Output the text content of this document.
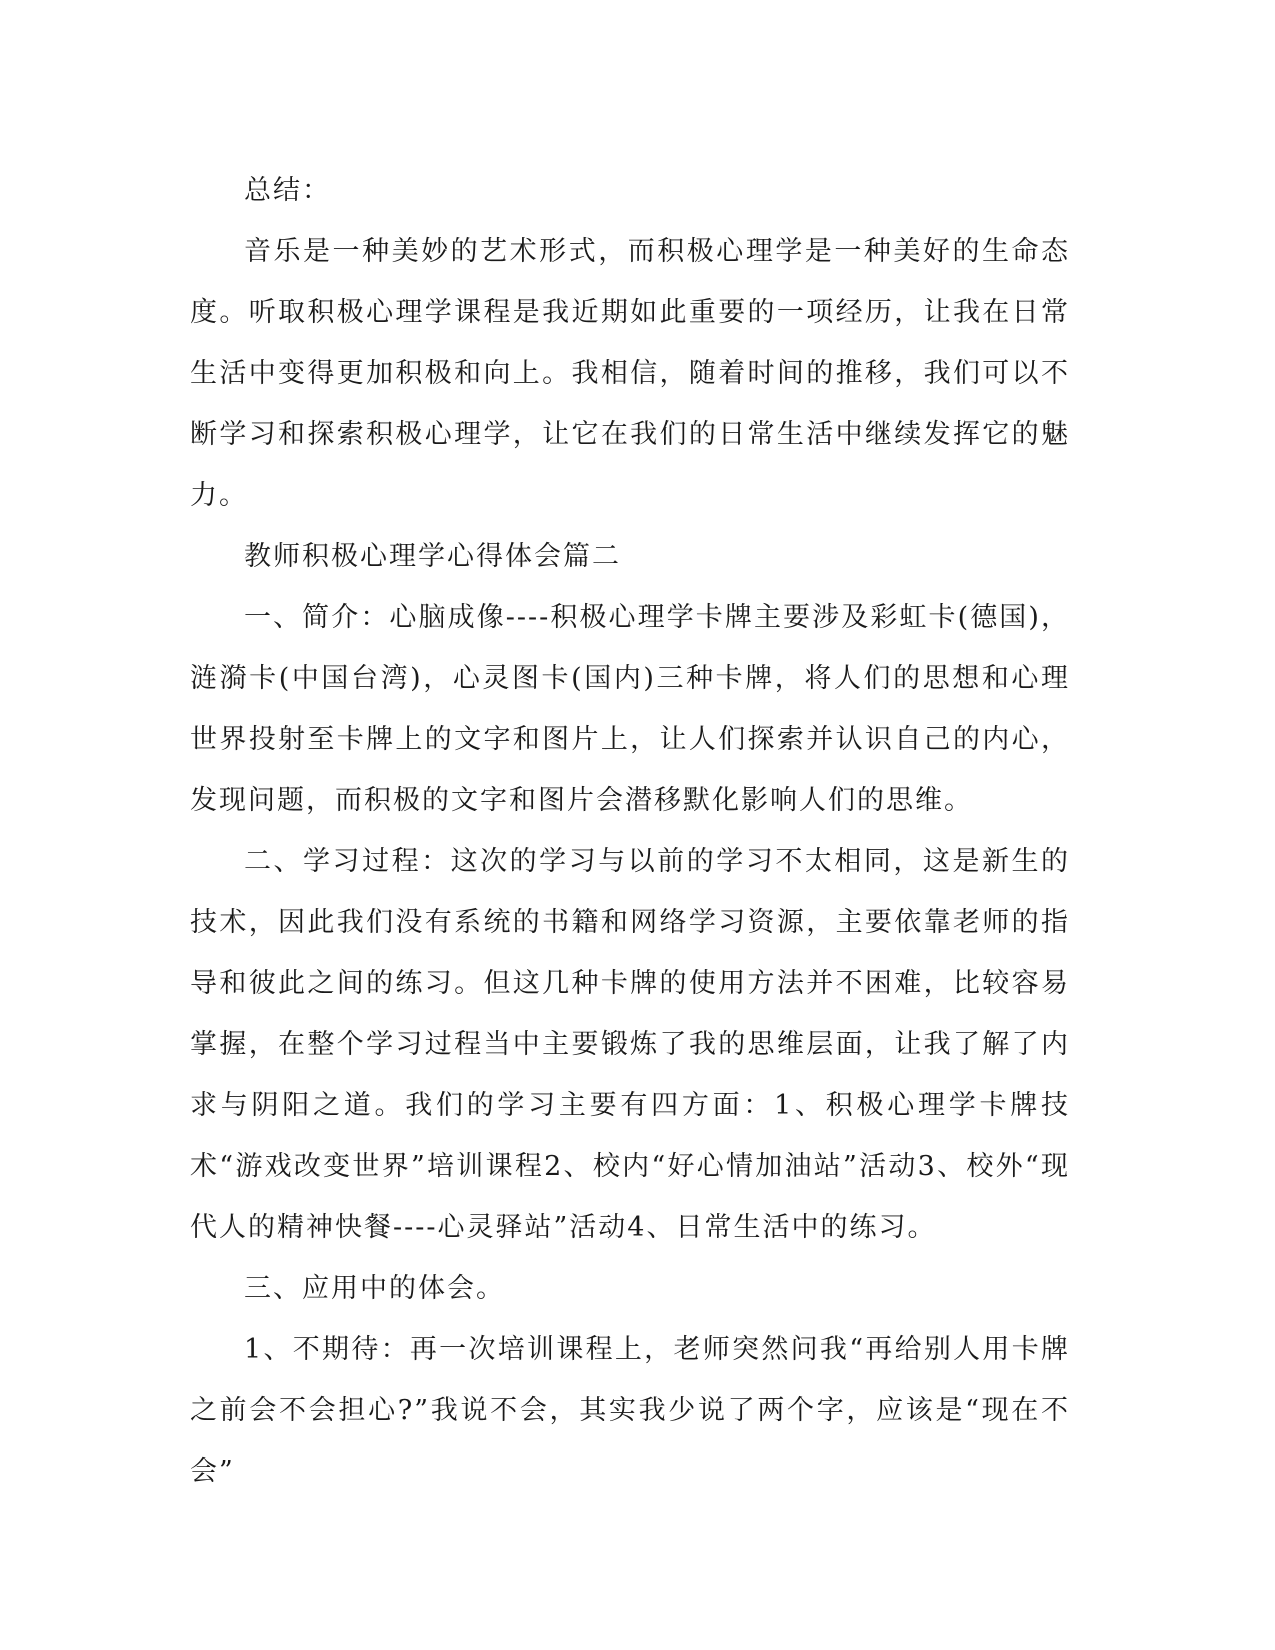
总结：

音乐是一种美妙的艺术形式，而积极心理学是一种美好的生命态度。听取积极心理学课程是我近期如此重要的一项经历，让我在日常生活中变得更加积极和向上。我相信，随着时间的推移，我们可以不断学习和探索积极心理学，让它在我们的日常生活中继续发挥它的魅力。

教师积极心理学心得体会篇二

一、简介：心脑成像----积极心理学卡牌主要涉及彩虹卡(德国)，涟漪卡(中国台湾)，心灵图卡(国内)三种卡牌，将人们的思想和心理世界投射至卡牌上的文字和图片上，让人们探索并认识自己的内心，发现问题，而积极的文字和图片会潜移默化影响人们的思维。

二、学习过程：这次的学习与以前的学习不太相同，这是新生的技术，因此我们没有系统的书籍和网络学习资源，主要依靠老师的指导和彼此之间的练习。但这几种卡牌的使用方法并不困难，比较容易掌握，在整个学习过程当中主要锻炼了我的思维层面，让我了解了内求与阴阳之道。我们的学习主要有四方面：1、积极心理学卡牌技术“游戏改变世界”培训课程2、校内“好心情加油站”活动3、校外“现代人的精神快餐----心灵驿站”活动4、日常生活中的练习。

三、应用中的体会。

1、不期待：再一次培训课程上，老师突然问我“再给别人用卡牌之前会不会担心?”我说不会，其实我少说了两个字，应该是“现在不会”
